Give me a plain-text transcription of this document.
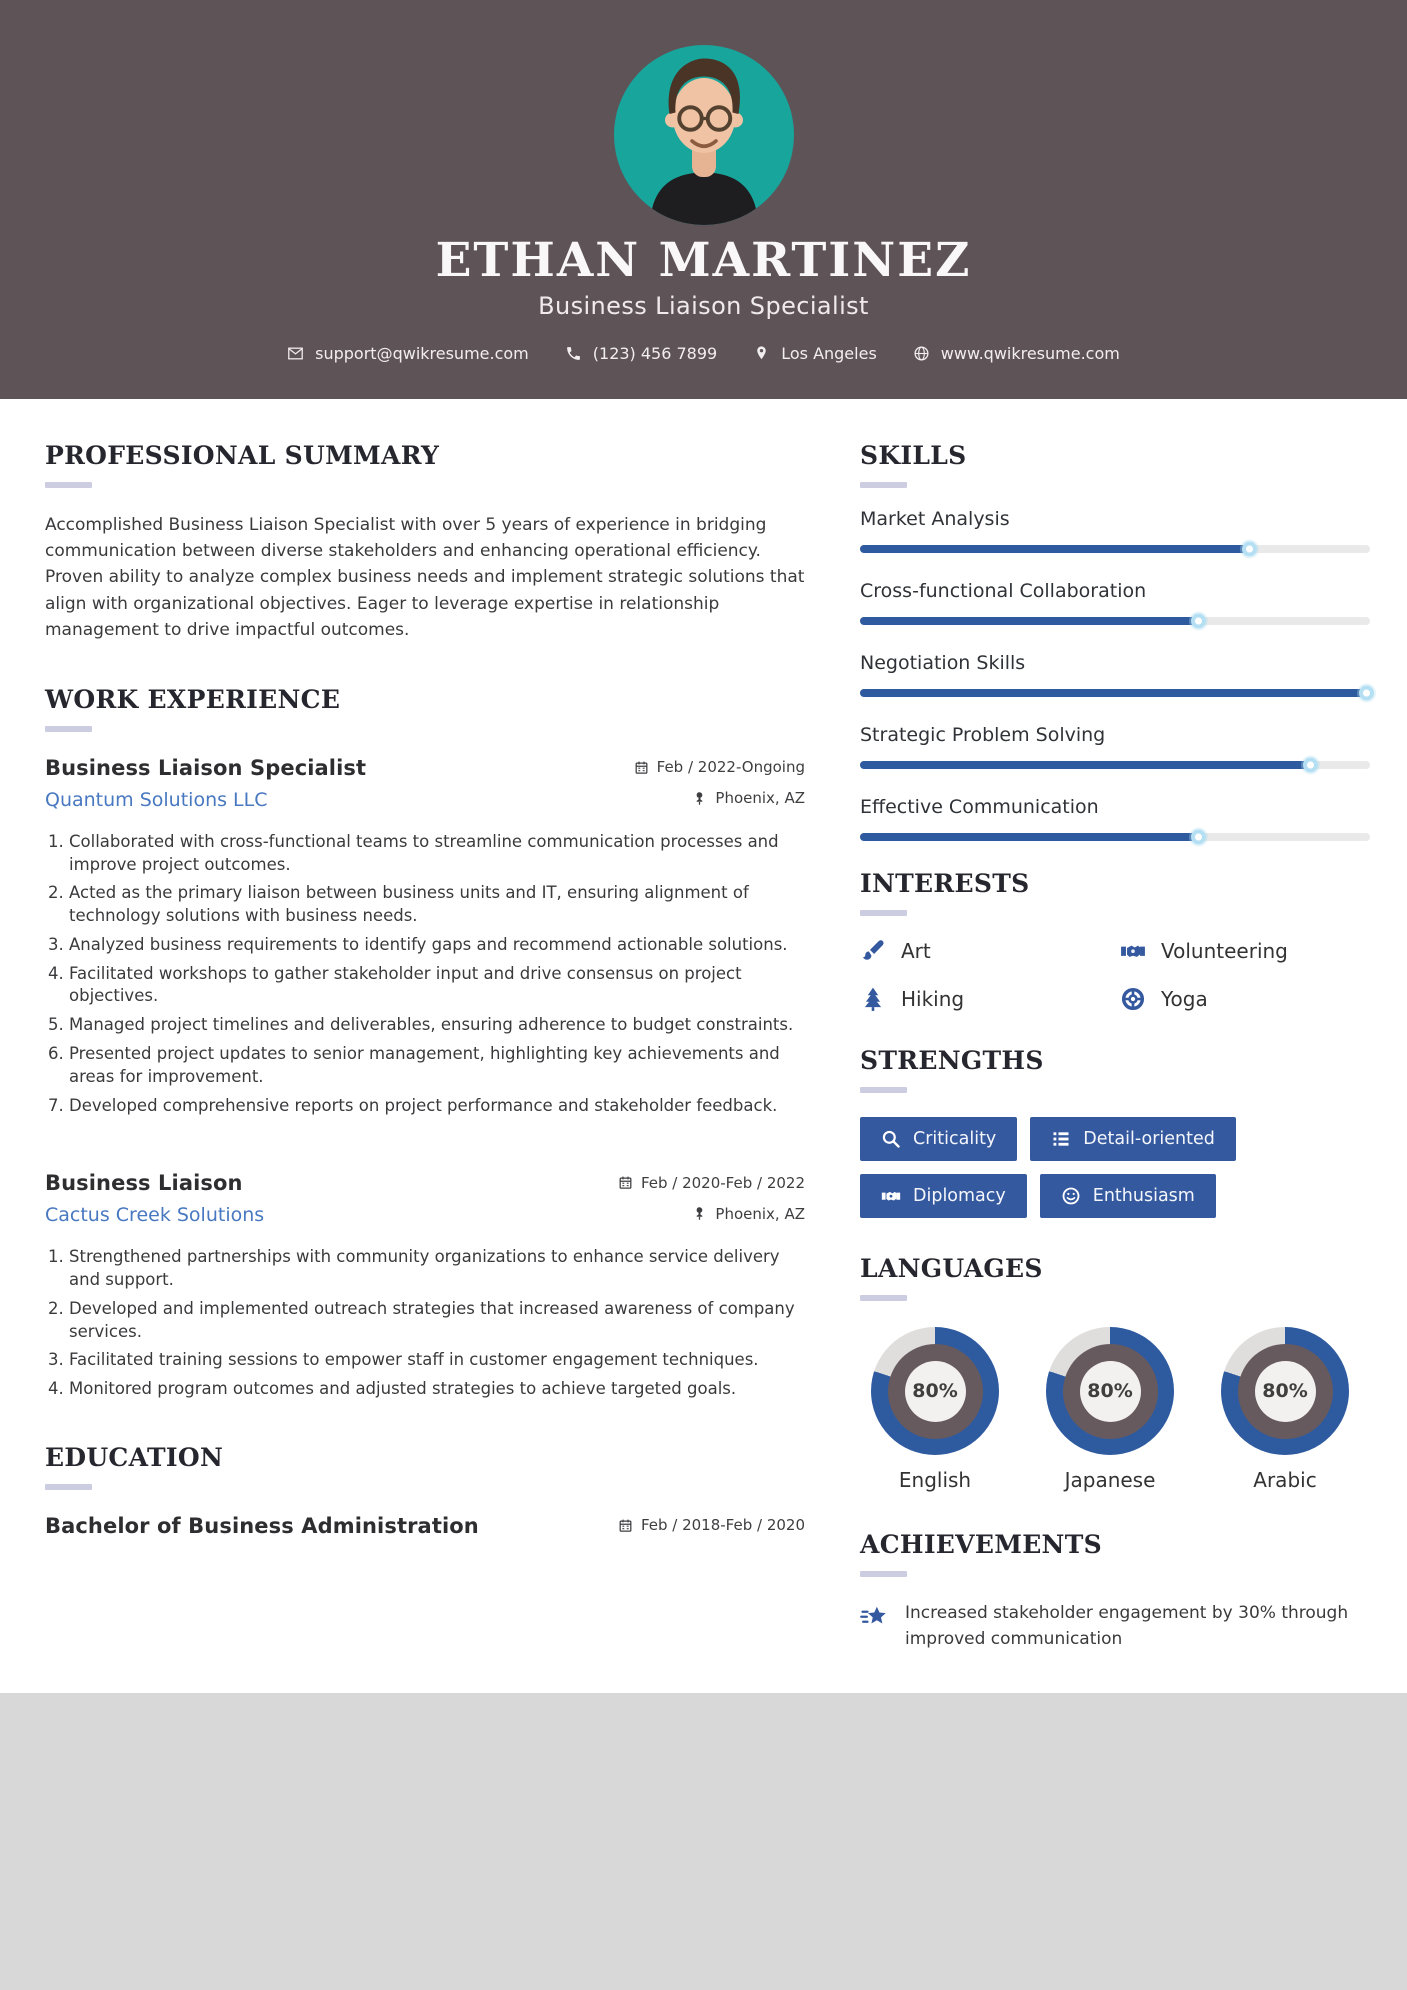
ETHAN MARTINEZ
Business Liaison Specialist
support@qwikresume.com	(123) 456 7899	Los Angeles	www.qwikresume.com
PROFESSIONAL SUMMARY

Accomplished Business Liaison Specialist with over 5 years of experience in bridging communication between diverse stakeholders and enhancing operational efficiency. Proven ability to analyze complex business needs and implement strategic solutions that align with organizational objectives. Eager to leverage expertise in relationship management to drive impactful outcomes.

WORK EXPERIENCE
Business Liaison Specialist	Feb / 2022-Ongoing
Quantum Solutions LLC	Phoenix, AZ
1. Collaborated with cross-functional teams to streamline communication processes and improve project outcomes.
2. Acted as the primary liaison between business units and IT, ensuring alignment of technology solutions with business needs.
3. Analyzed business requirements to identify gaps and recommend actionable solutions.
4. Facilitated workshops to gather stakeholder input and drive consensus on project objectives.
5. Managed project timelines and deliverables, ensuring adherence to budget constraints.
6. Presented project updates to senior management, highlighting key achievements and areas for improvement.
7. Developed comprehensive reports on project performance and stakeholder feedback.
Business Liaison	Feb / 2020-Feb / 2022
Cactus Creek Solutions	Phoenix, AZ
1. Strengthened partnerships with community organizations to enhance service delivery and support.
2. Developed and implemented outreach strategies that increased awareness of company services.
3. Facilitated training sessions to empower staff in customer engagement techniques.
4. Monitored program outcomes and adjusted strategies to achieve targeted goals.
EDUCATION
Bachelor of Business Administration	Feb / 2018-Feb / 2020
SKILLS
Market Analysis
Cross-functional Collaboration
Negotiation Skills
Strategic Problem Solving
Effective Communication
INTERESTS
Art	Volunteering
Hiking	Yoga
STRENGTHS
Criticality	Detail-oriented
Diplomacy	Enthusiasm
LANGUAGES
80%
English
80%
Japanese
80%
Arabic
ACHIEVEMENTS

Increased stakeholder engagement by 30% through improved communication
